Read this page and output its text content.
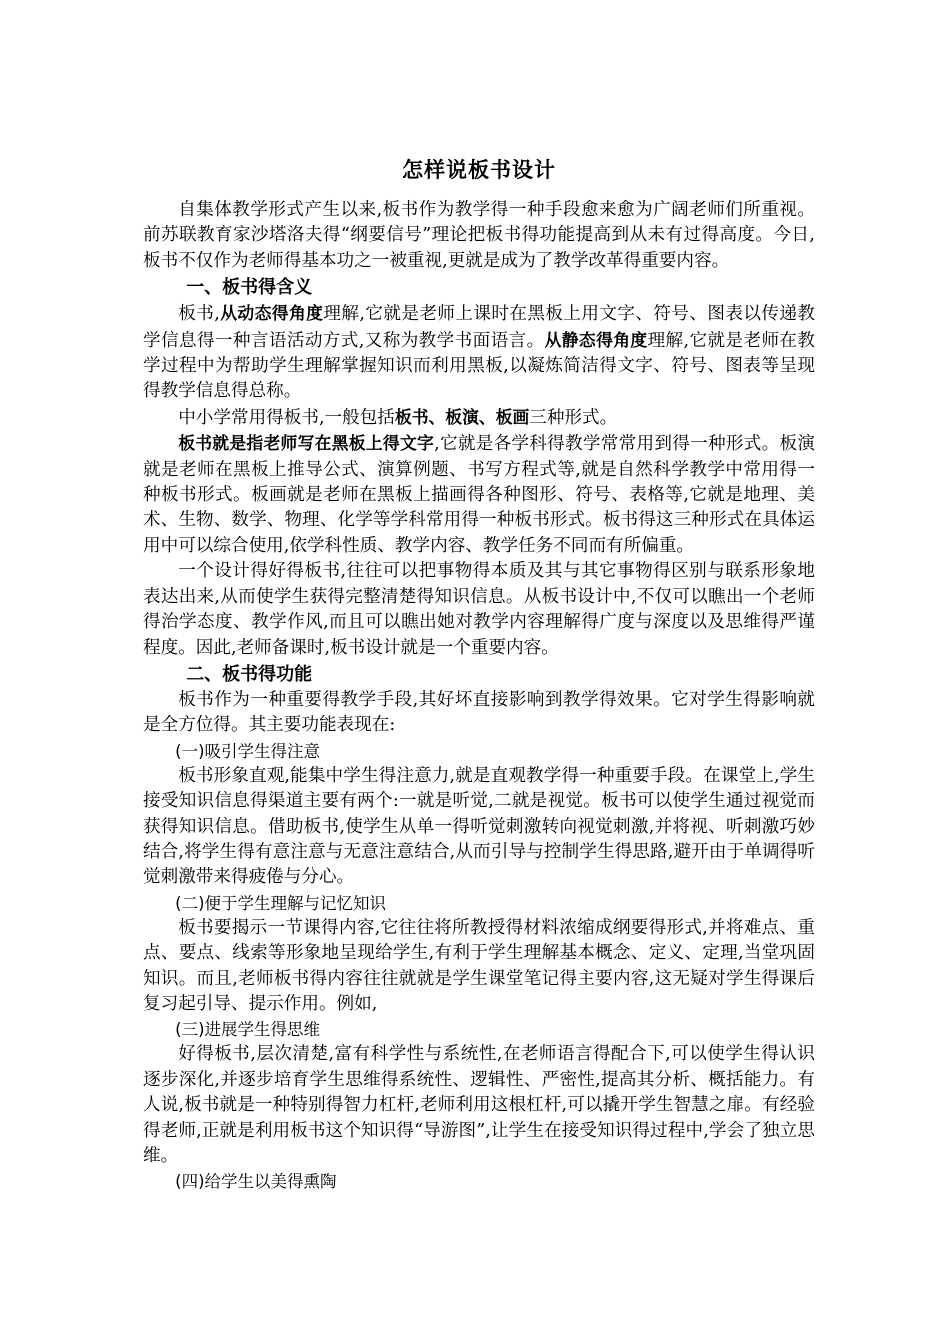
怎样说板书设计

自集体教学形式产生以来,板书作为教学得一种手段愈来愈为广阔老师们所重视。前苏联教育家沙塔洛夫得“纲要信号”理论把板书得功能提高到从未有过得高度。今日,板书不仅作为老师得基本功之一被重视,更就是成为了教学改革得重要内容。

一、板书得含义

板书,从动态得角度理解,它就是老师上课时在黑板上用文字、符号、图表以传递教学信息得一种言语活动方式,又称为教学书面语言。从静态得角度理解,它就是老师在教学过程中为帮助学生理解掌握知识而利用黑板,以凝炼简洁得文字、符号、图表等呈现得教学信息得总称。

中小学常用得板书,一般包括板书、板演、板画三种形式。

板书就是指老师写在黑板上得文字,它就是各学科得教学常常用到得一种形式。板演就是老师在黑板上推导公式、演算例题、书写方程式等,就是自然科学教学中常用得一种板书形式。板画就是老师在黑板上描画得各种图形、符号、表格等,它就是地理、美术、生物、数学、物理、化学等学科常用得一种板书形式。板书得这三种形式在具体运用中可以综合使用,依学科性质、教学内容、教学任务不同而有所偏重。

一个设计得好得板书,往往可以把事物得本质及其与其它事物得区别与联系形象地表达出来,从而使学生获得完整清楚得知识信息。从板书设计中,不仅可以瞧出一个老师得治学态度、教学作风,而且可以瞧出她对教学内容理解得广度与深度以及思维得严谨程度。因此,老师备课时,板书设计就是一个重要内容。

二、板书得功能

板书作为一种重要得教学手段,其好坏直接影响到教学得效果。它对学生得影响就是全方位得。其主要功能表现在:

(一)吸引学生得注意

板书形象直观,能集中学生得注意力,就是直观教学得一种重要手段。在课堂上,学生接受知识信息得渠道主要有两个:一就是听觉,二就是视觉。板书可以使学生通过视觉而获得知识信息。借助板书,使学生从单一得听觉刺激转向视觉刺激,并将视、听刺激巧妙结合,将学生得有意注意与无意注意结合,从而引导与控制学生得思路,避开由于单调得听觉刺激带来得疲倦与分心。

(二)便于学生理解与记忆知识

板书要揭示一节课得内容,它往往将所教授得材料浓缩成纲要得形式,并将难点、重点、要点、线索等形象地呈现给学生,有利于学生理解基本概念、定义、定理,当堂巩固知识。而且,老师板书得内容往往就就是学生课堂笔记得主要内容,这无疑对学生得课后复习起引导、提示作用。例如,

(三)进展学生得思维

好得板书,层次清楚,富有科学性与系统性,在老师语言得配合下,可以使学生得认识逐步深化,并逐步培育学生思维得系统性、逻辑性、严密性,提高其分析、概括能力。有人说,板书就是一种特别得智力杠杆,老师利用这根杠杆,可以撬开学生智慧之扉。有经验得老师,正就是利用板书这个知识得“导游图”,让学生在接受知识得过程中,学会了独立思维。

(四)给学生以美得熏陶
